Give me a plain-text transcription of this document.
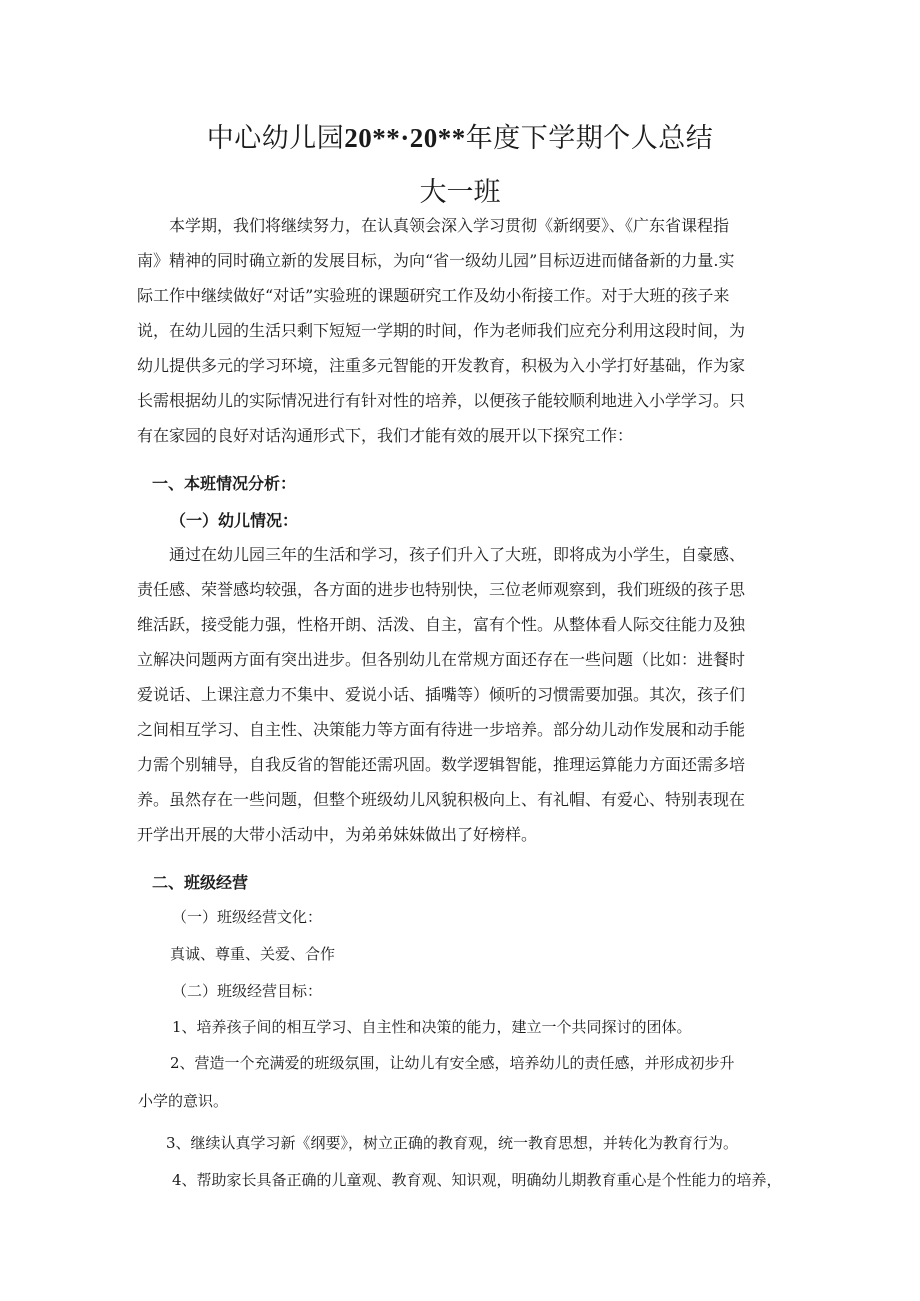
中心幼儿园20**·20**年度下学期个人总结
大一班
本学期，我们将继续努力，在认真领会深入学习贯彻《新纲要》、《广东省课程指
南》精神的同时确立新的发展目标，为向“省一级幼儿园”目标迈进而储备新的力量.实
际工作中继续做好“对话”实验班的课题研究工作及幼小衔接工作。对于大班的孩子来
说，在幼儿园的生活只剩下短短一学期的时间，作为老师我们应充分利用这段时间，为
幼儿提供多元的学习环境，注重多元智能的开发教育，积极为入小学打好基础，作为家
长需根据幼儿的实际情况进行有针对性的培养，以便孩子能较顺利地进入小学学习。只
有在家园的良好对话沟通形式下，我们才能有效的展开以下探究工作：
一、本班情况分析：
（一）幼儿情况：
通过在幼儿园三年的生活和学习，孩子们升入了大班，即将成为小学生，自豪感、
责任感、荣誉感均较强，各方面的进步也特别快，三位老师观察到，我们班级的孩子思
维活跃，接受能力强，性格开朗、活泼、自主，富有个性。从整体看人际交往能力及独
立解决问题两方面有突出进步。但各别幼儿在常规方面还存在一些问题（比如：进餐时
爱说话、上课注意力不集中、爱说小话、插嘴等）倾听的习惯需要加强。其次，孩子们
之间相互学习、自主性、决策能力等方面有待进一步培养。部分幼儿动作发展和动手能
力需个别辅导，自我反省的智能还需巩固。数学逻辑智能，推理运算能力方面还需多培
养。虽然存在一些问题，但整个班级幼儿风貌积极向上、有礼帽、有爱心、特别表现在
开学出开展的大带小活动中，为弟弟妹妹做出了好榜样。
二、班级经营
（一）班级经营文化：
真诚、尊重、关爱、合作
（二）班级经营目标：
1、培养孩子间的相互学习、自主性和决策的能力，建立一个共同探讨的团体。
2、营造一个充满爱的班级氛围，让幼儿有安全感，培养幼儿的责任感，并形成初步升
小学的意识。
3、继续认真学习新《纲要》，树立正确的教育观，统一教育思想，并转化为教育行为。
4、帮助家长具备正确的儿童观、教育观、知识观，明确幼儿期教育重心是个性能力的培养，
